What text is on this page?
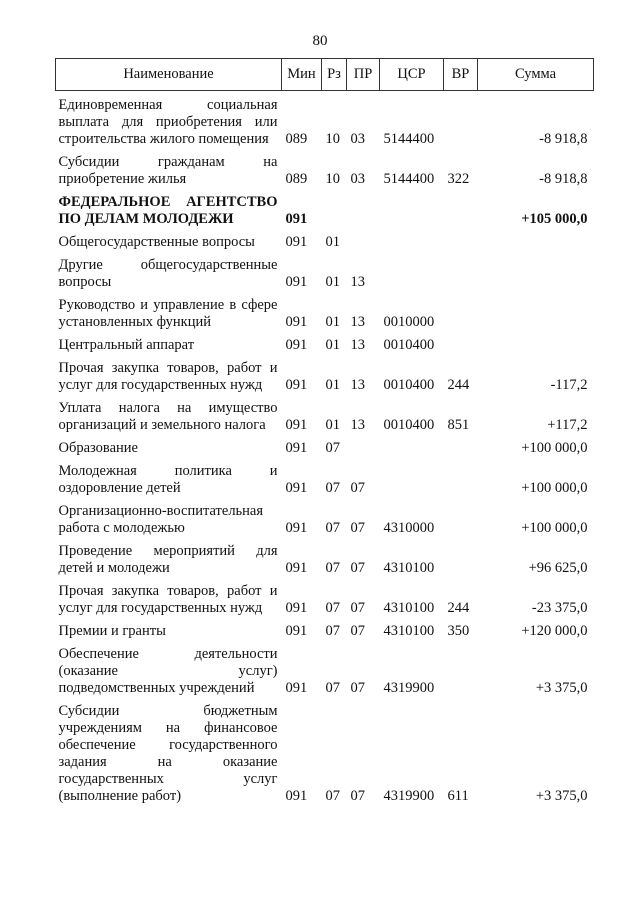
80
Наименование	Мин	Рз	ПР	ЦСР	ВР	Сумма
Единовременная социальная выплата для приобретения или строительства жилого помещения	089	10	03	5144400		-8 918,8
Субсидии гражданам на приобретение жилья	089	10	03	5144400	322	-8 918,8
ФЕДЕРАЛЬНОЕ АГЕНТСТВО ПО ДЕЛАМ МОЛОДЕЖИ	091					+105 000,0
Общегосударственные вопросы	091	01				
Другие общегосударственные вопросы	091	01	13			
Руководство и управление в сфере установленных функций	091	01	13	0010000		
Центральный аппарат	091	01	13	0010400		
Прочая закупка товаров, работ и услуг для государственных нужд	091	01	13	0010400	244	-117,2
Уплата налога на имущество организаций и земельного налога	091	01	13	0010400	851	+117,2
Образование	091	07				+100 000,0
Молодежная политика и оздоровление детей	091	07	07			+100 000,0
Организационно-воспитательная работа с молодежью	091	07	07	4310000		+100 000,0
Проведение мероприятий для детей и молодежи	091	07	07	4310100		+96 625,0
Прочая закупка товаров, работ и услуг для государственных нужд	091	07	07	4310100	244	-23 375,0
Премии и гранты	091	07	07	4310100	350	+120 000,0
Обеспечение деятельности (оказание услуг) подведомственных учреждений	091	07	07	4319900		+3 375,0
Субсидии бюджетным учреждениям на финансовое обеспечение государственного задания на оказание государственных услуг (выполнение работ)	091	07	07	4319900	611	+3 375,0
